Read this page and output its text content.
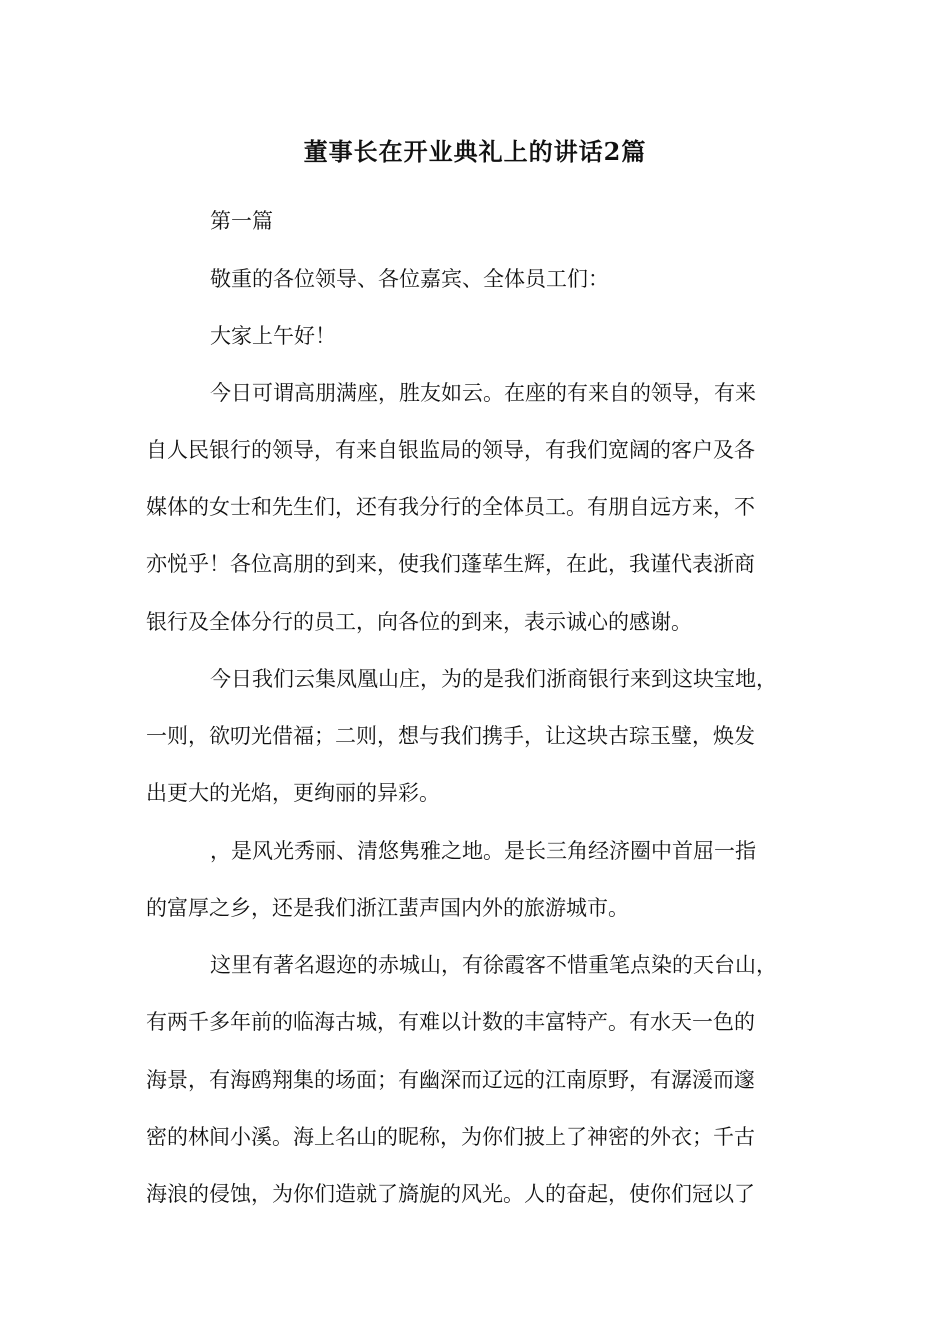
董事长在开业典礼上的讲话2篇
第一篇
敬重的各位领导、各位嘉宾、全体员工们：
大家上午好！
今日可谓高朋满座，胜友如云。在座的有来自的领导，有来
自人民银行的领导，有来自银监局的领导，有我们宽阔的客户及各
媒体的女士和先生们，还有我分行的全体员工。有朋自远方来，不
亦悦乎！各位高朋的到来，使我们蓬荜生辉，在此，我谨代表浙商
银行及全体分行的员工，向各位的到来，表示诚心的感谢。
今日我们云集凤凰山庄，为的是我们浙商银行来到这块宝地，
一则，欲叨光借福；二则，想与我们携手，让这块古琮玉璧，焕发
出更大的光焰，更绚丽的异彩。
，是风光秀丽、清悠隽雅之地。是长三角经济圈中首屈一指
的富厚之乡，还是我们浙江蜚声国内外的旅游城市。
这里有著名遐迩的赤城山，有徐霞客不惜重笔点染的天台山，
有两千多年前的临海古城，有难以计数的丰富特产。有水天一色的
海景，有海鸥翔集的场面；有幽深而辽远的江南原野，有潺湲而邃
密的林间小溪。海上名山的昵称，为你们披上了神密的外衣；千古
海浪的侵蚀，为你们造就了旖旎的风光。人的奋起，使你们冠以了
